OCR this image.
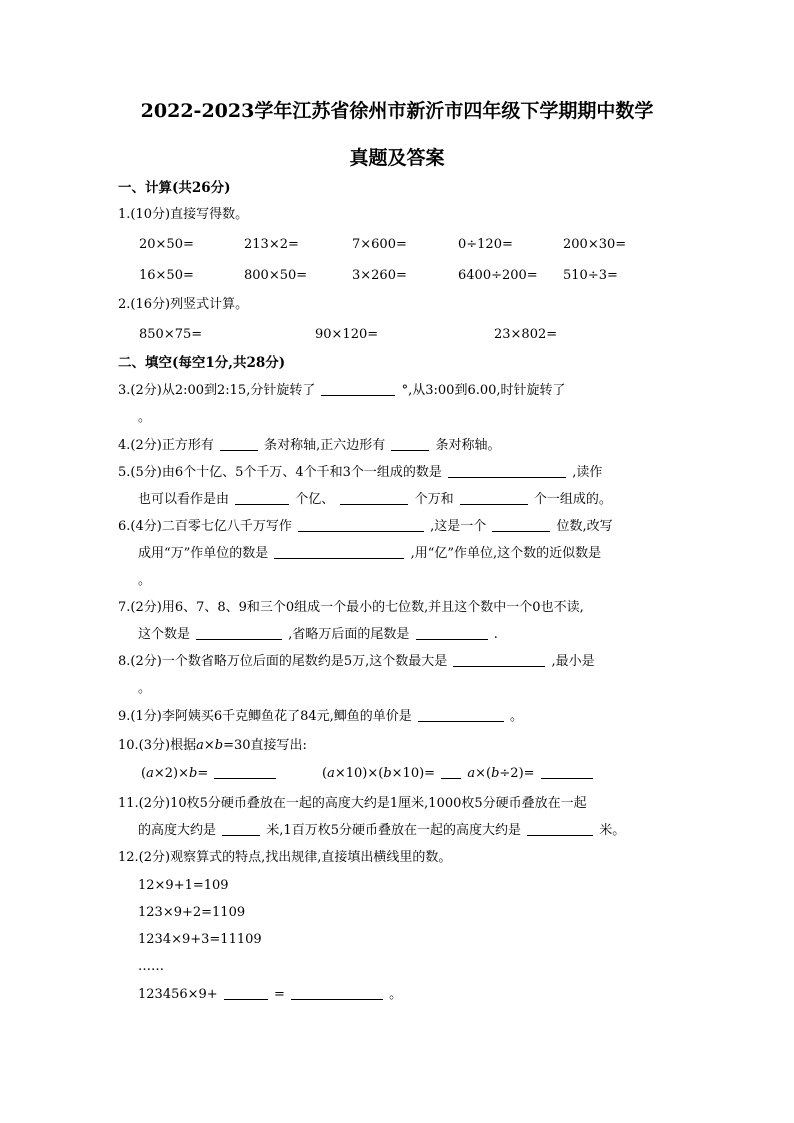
2022-2023学年江苏省徐州市新沂市四年级下学期期中数学
真题及答案
一、计算(共26分)
1.(10分)直接写得数。
20×50=	213×2=	7×600=	0÷120=	200×30=
16×50=	800×50=	3×260=	6400÷200= 510÷3=
2.(16分)列竖式计算。
850×75=	90×120=	23×802=
二、填空(每空1分,共28分)
3.(2分)从2:00到2:15,分针旋转了	°,从3:00到6.00,时针旋转了
。
4.(2分)正方形有	条对称轴,正六边形有	条对称轴。
5.(5分)由6个十亿、5个千万、4个千和3个一组成的数是	,读作
也可以看作是由	个亿、	个万和	个一组成的。
6.(4分)二百零七亿八千万写作	,这是一个	位数,改写
成用“万”作单位的数是	,用“亿”作单位,这个数的近似数是
。
7.(2分)用6、7、8、9和三个0组成一个最小的七位数,并且这个数中一个0也不读,
这个数是	,省略万后面的尾数是	.
8.(2分)一个数省略万位后面的尾数约是5万,这个数最大是	,最小是
。
9.(1分)李阿姨买6千克鲫鱼花了84元,鲫鱼的单价是	。
10.(3分)根据a×b=30直接写出:
(a×2)×b=	(a×10)×(b×10)= a×(b÷2)=
11.(2分)10枚5分硬币叠放在一起的高度大约是1厘米,1000枚5分硬币叠放在一起
的高度大约是	米,1百万枚5分硬币叠放在一起的高度大约是	米。
12.(2分)观察算式的特点,找出规律,直接填出横线里的数。
12×9+1=109
123×9+2=1109
1234×9+3=11109
……
123456×9+	=	。
